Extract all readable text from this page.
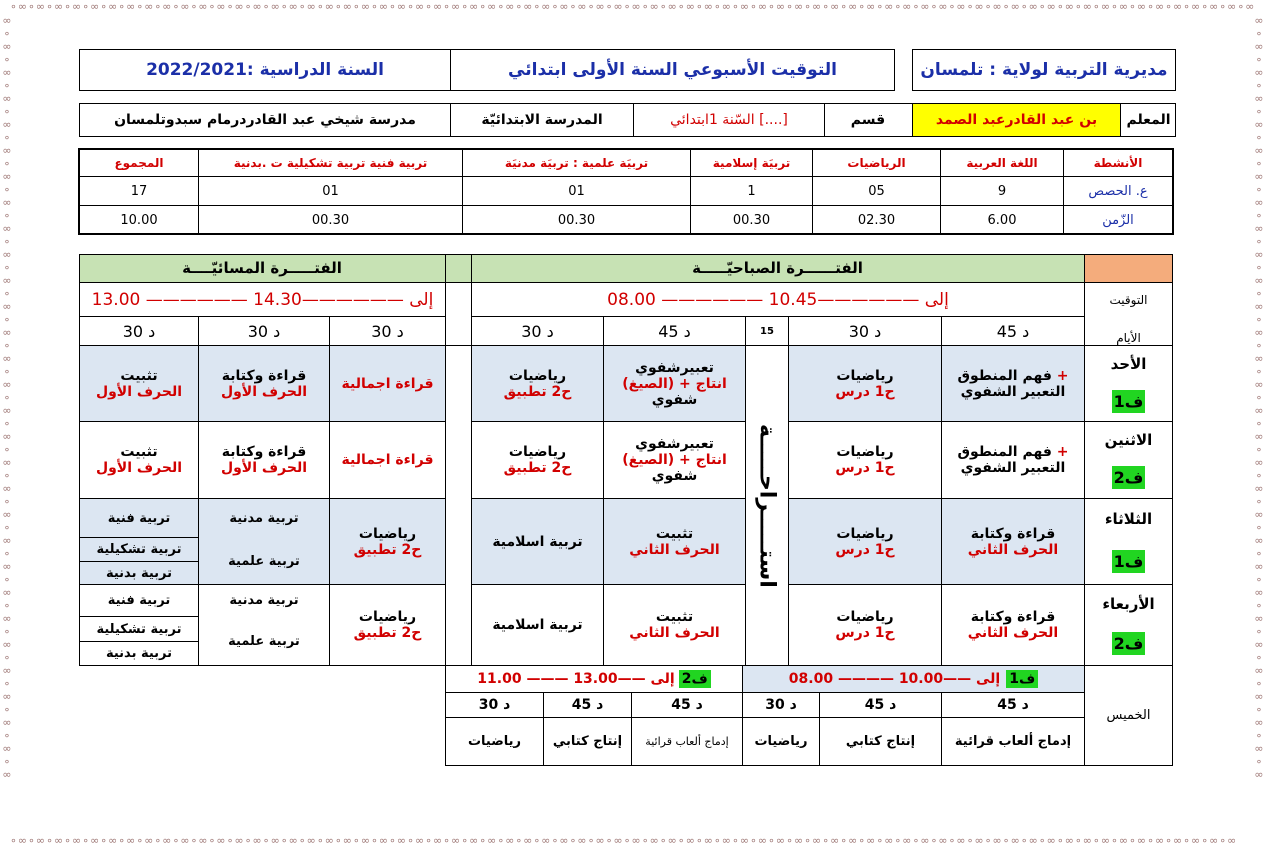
∘∞∘∞∘∞∘∞∘∞∘∞∘∞∘∞∘∞∘∞∘∞∘∞∘∞∘∞∘∞∘∞∘∞∘∞∘∞∘∞∘∞∘∞∘∞∘∞∘∞∘∞∘∞∘∞∘∞∘∞∘∞∘∞∘∞∘∞∘∞∘∞∘∞∘∞∘∞∘∞∘∞∘∞∘∞∘∞∘∞∘∞∘∞∘∞∘∞∘∞∘∞∘∞∘∞∘∞∘∞∘∞∘∞∘∞∘∞∘∞∘∞∘∞∘∞∘∞∘∞∘∞∘∞∘∞∘∞
∘∞∘∞∘∞∘∞∘∞∘∞∘∞∘∞∘∞∘∞∘∞∘∞∘∞∘∞∘∞∘∞∘∞∘∞∘∞∘∞∘∞∘∞∘∞∘∞∘∞∘∞∘∞∘∞∘∞∘∞∘∞∘∞∘∞∘∞∘∞∘∞∘∞∘∞∘∞∘∞∘∞∘∞∘∞∘∞∘∞∘∞∘∞∘∞∘∞∘∞∘∞∘∞∘∞∘∞∘∞∘∞∘∞∘∞∘∞∘∞∘∞∘∞∘∞∘∞∘∞∘∞∘∞∘∞
∞
∘
∞
∘
∞
∘
∞
∘
∞
∘
∞
∘
∞
∘
∞
∘
∞
∘
∞
∘
∞
∘
∞
∘
∞
∘
∞
∘
∞
∘
∞
∘
∞
∘
∞
∘
∞
∘
∞
∘
∞
∘
∞
∘
∞
∘
∞
∘
∞
∘
∞
∘
∞
∘
∞
∘
∞
∘
∞
∞
∘
∞
∘
∞
∘
∞
∘
∞
∘
∞
∘
∞
∘
∞
∘
∞
∘
∞
∘
∞
∘
∞
∘
∞
∘
∞
∘
∞
∘
∞
∘
∞
∘
∞
∘
∞
∘
∞
∘
∞
∘
∞
∘
∞
∘
∞
∘
∞
∘
∞
∘
∞
∘
∞
∘
∞
∘
∞
مديرية التربية لولاية : تلمسان
التوقيت الأسبوعي السنة الأولى ابتدائي
السنة الدراسية :2022/2021
المعلم
بن عبد القادرعبد الصمد
قسم
السّنة 1ابتدائي [....]
المدرسة الابتدائيّة
مدرسة شيخي عبد القادردرمام سبدوتلمسان
الأنشطة
اللغة العربية
الرياضيات
تربيَة إسلامية
تربيَة علمية : تربيَة مدنيَة
تربية فنية تربية تشكيلية ت .بدنية
المجموع
ع. الحصص
9
05
1
01
01
17
الزّمن
6.00
02.30
00.30
00.30
00.30
10.00
الفتــــــرة الصباحيّـــــة
الفتـــــرة المسائيّــــة
التوقيت
08.00 —————— إلى ——————10.45
13.00 —————— إلى ——————14.30
الأيام
45 د
30 د
15
45 د
30 د
30 د
30 د
30 د
استـــــراحـــــة
الأحد
ف1
الاثنين
ف2
الثلاثاء
ف1
الأربعاء
ف2
فهم المنطوق +
التعبير الشفوي
رياضيات
ح1 درس
تعبيرشفوي
(الصيغ) + انتاج
شفوي
رياضيات
ح2 تطبيق
قراءة اجمالية
قراءة وكتابة
الحرف الأول
تثبيت
الحرف الأول
فهم المنطوق +
التعبير الشفوي
رياضيات
ح1 درس
تعبيرشفوي
(الصيغ) + انتاج
شفوي
رياضيات
ح2 تطبيق
قراءة اجمالية
قراءة وكتابة
الحرف الأول
تثبيت
الحرف الأول
قراءة وكتابة
الحرف الثاني
رياضيات
ح1 درس
تثبيت
الحرف الثاني
تربية اسلامية
رياضيات
ح2 تطبيق
تربية مدنية
تربية علمية
تربية فنية
تربية تشكيلية
تربية بدنية
قراءة وكتابة
الحرف الثاني
رياضيات
ح1 درس
تثبيت
الحرف الثاني
تربية اسلامية
رياضيات
ح2 تطبيق
تربية مدنية
تربية علمية
تربية فنية
تربية تشكيلية
تربية بدنية
الخميس
08.00 ———— إلى ——10.00 ف1
11.00 ——— إلى ——13.00 ف2
45 د
45 د
30 د
45 د
45 د
30 د
إدماج ألعاب قرائية
إنتاج كتابي
رياضيات
إدماج ألعاب قرائية
إنتاج كتابي
رياضيات
